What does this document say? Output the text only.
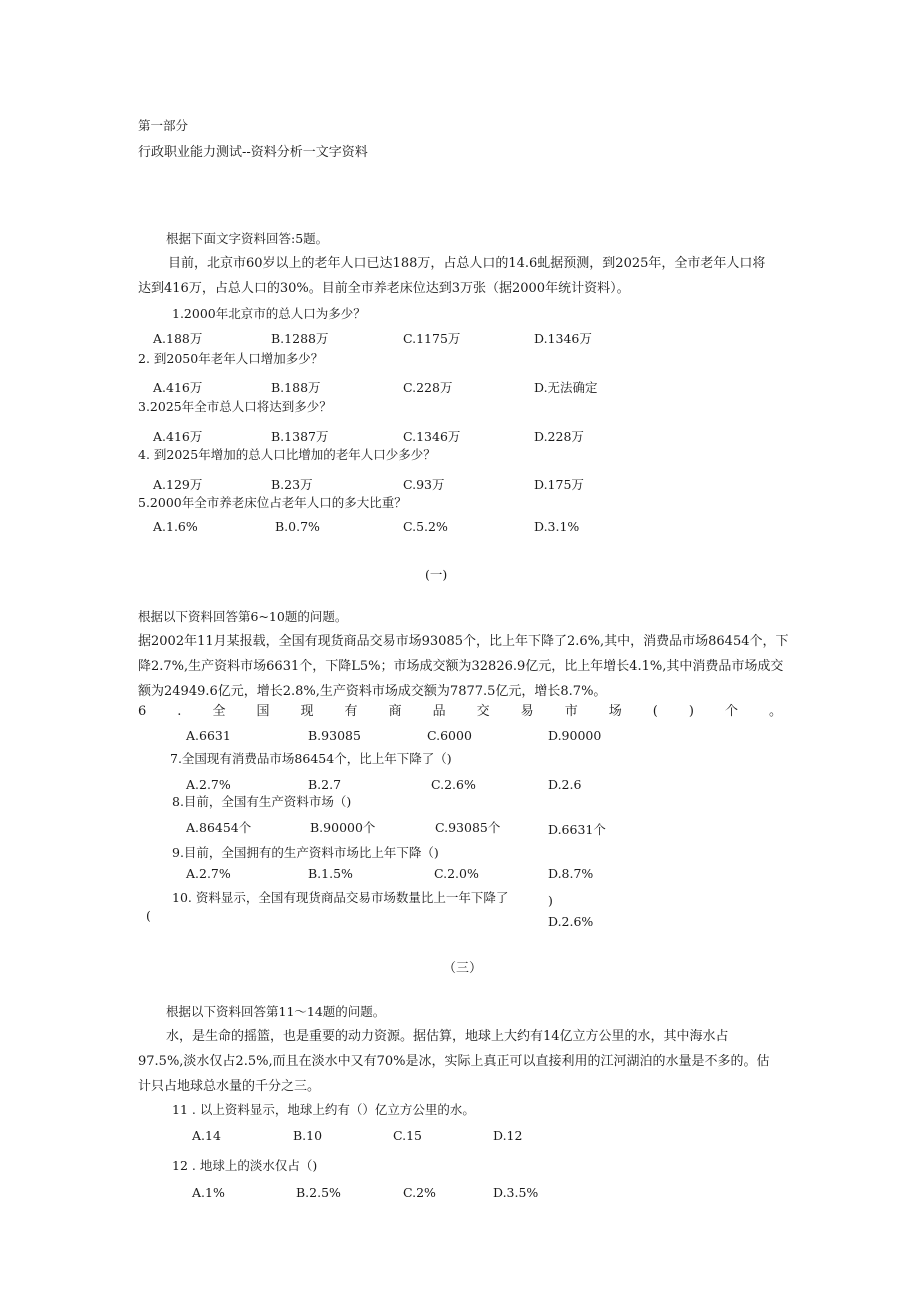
第一部分
行政职业能力测试--资料分析一文字资料
根据下面文字资料回答:5题。
目前，北京市60岁以上的老年人口已达188万，占总人口的14.6虬据预测，到2025年，全市老年人口将
达到416万，占总人口的30%。目前全市养老床位达到3万张（据2000年统计资料）。
1.2000年北京市的总人口为多少？
A.188万	B.1288万	C.1175万	D.1346万
2. 到2050年老年人口增加多少？
A.416万	B.188万	C.228万	D.无法确定
3.2025年全市总人口将达到多少？
A.416万	B.1387万	C.1346万	D.228万
4. 到2025年增加的总人口比增加的老年人口少多少？
A.129万	B.23万	C.93万	D.175万
5.2000年全市养老床位占老年人口的多大比重？
A.1.6%	B.0.7%	C.5.2%	D.3.1%
(一)
根据以下资料回答第6~10题的问题。
据2002年11月某报载，全国有现货商品交易市场93085个，比上年下降了2.6%,其中，消费品市场86454个，下
降2.7%,生产资料市场6631个，下降L5%；市场成交额为32826.9亿元，比上年增长4.1%,其中消费品市场成交
额为24949.6亿元，增长2.8%,生产资料市场成交额为7877.5亿元，增长8.7%。
6 . 全 国 现 有 商 品 交 易 市 场 ( ) 个 。
A.6631	B.93085	C.6000	D.90000
7.全国现有消费品市场86454个，比上年下降了（)
A.2.7%	B.2.7	C.2.6%	D.2.6
8.目前，全国有生产资料市场（)
A.86454个	B.90000个	C.93085个	D.6631个
9.目前，全国拥有的生产资料市场比上年下降（)
A.2.7%	B.1.5%	C.2.0%	D.8.7%
10. 资料显示，全国有现货商品交易市场数量比上一年下降了	)
(	D.2.6%
（三）
根据以下资料回答第11～14题的问题。
水，是生命的摇篮，也是重要的动力资源。据估算，地球上大约有14亿立方公里的水，其中海水占
97.5%,淡水仅占2.5%,而且在淡水中又有70%是冰，实际上真正可以直接利用的江河湖泊的水量是不多的。估
计只占地球总水量的千分之三。
11 . 以上资料显示，地球上约有（）亿立方公里的水。
A.14	B.10	C.15	D.12
12 . 地球上的淡水仅占（)
A.1%	B.2.5%	C.2%	D.3.5%
